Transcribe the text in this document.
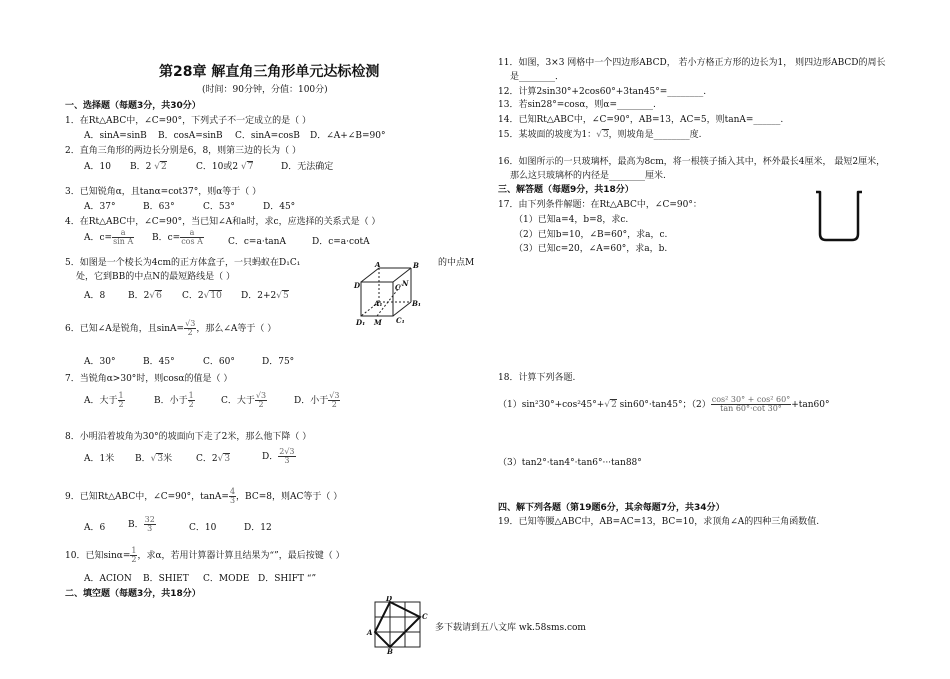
第28章 解直角三角形单元达标检测
(时间：90分钟，分值：100分)
一、选择题（每题3分，共30分）
1．在Rt△ABC中，∠C=90°，下列式子不一定成立的是（ ）
A．sinA=sinB B．cosA=sinB C．sinA=cosB D．∠A+∠B=90°
2．直角三角形的两边长分别是6，8，则第三边的长为（ ）
A．10 B．2 √2	C．10或2 √7	D．无法确定
3．已知锐角α，且tanα=cot37°，则α等于（ ）
A．37°	B．63°	C．53°	D．45°
4．在Rt△ABC中，∠C=90°，当已知∠A和a时，求c，应选择的关系式是（ ）
A．$c= \frac{a}{\text{sin A}}$ B．$c= \frac{a}{\text{cos A}}$	C．c=a·tanA	D．c=a·cotA
5．如图是一个棱长为4cm的正方体盒子，一只蚂蚁在D₁C₁	的中点M
处，它到BB的中点N的最短路线是（ ）
A．8	B．2√6 C．2√10 D．2+2√5
A	B
C
D	N
A₁	B₁
C₁
D₁ M
6．已知∠A是锐角，且$\sin A= \frac{√3}{2}$ ，那么∠A等于（ ）
A．30°	B．45°	C．60°	D．75°
7．当锐角α>30°时，则cosα的值是（ ）
A．大于 $\frac{1}{2}$	B．小于 $\frac{1}{2}$	C．大于 $\frac{√3}{2}$	D．小于 $\frac{√3}{2}$
8．小明沿着坡角为30°的坡面向下走了2米，那么他下降（ ）
A．1米 B．√3米	C．2√3	D． $\frac{2√3}{3}$
9．已知Rt△ABC中，∠C=90°，$\tan A= \frac{4}{3}$ ，BC=8，则AC等于（ ）
A．6	B． $\frac{32}{3}$	C．10	D．12
10．已知$\sin\alpha= \frac{1}{2}$ ，求α，若用计算器计算且结果为“”，最后按键（ ）
A．ACION B．SHIET C．MODE D．SHIFT “”
二、填空题（每题3分，共18分）	D
C
A
B
多下载请到五八文库 wk.58sms.com
11．如图，3×3 网格中一个四边形ABCD， 若小方格正方形的边长为1， 则四边形ABCD的周长
是________．
12．计算2sin30°+2cos60°+3tan45°=________.
13．若sin28°=cosα，则α=________.
14．已知Rt△ABC中，∠C=90°，AB=13，AC=5，则tanA=______.
15．某坡面的坡度为1：√3，则坡角是________度.
16．如图所示的一只玻璃杯，最高为8cm，将一根筷子插入其中，杯外最长4厘米， 最短2厘米，
那么这只玻璃杯的内径是________厘米.
三、解答题（每题9分，共18分）
17．由下列条件解题：在Rt△ABC中，∠C=90°：
（1）已知a=4，b=8，求c.
（2）已知b=10，∠B=60°，求a，c.
（3）已知c=20，∠A=60°，求a，b.
18．计算下列各题.
（1）sin²30°+cos²45°+√2 sin60°·tan45°；$(2) \frac{\text{cos² 30° + cos² 60°}}{\tan 60^\circ\cdot\cot 30^\circ} +\tan 60^\circ$
（3）tan2°·tan4°·tan6°···tan88°
四、解下列各题（第19题6分，其余每题7分，共34分）
19．已知等腰△ABC中，AB=AC=13，BC=10，求顶角∠A的四种三角函数值.
